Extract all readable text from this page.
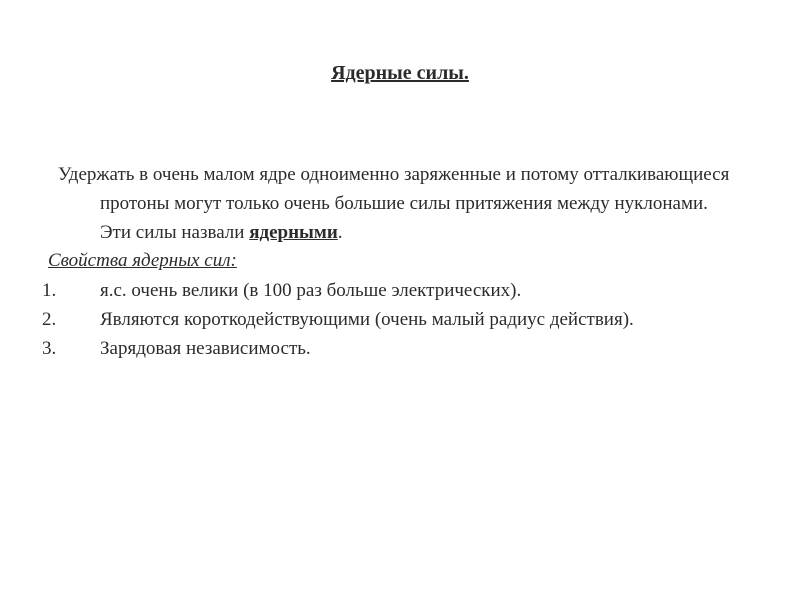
Ядерные силы.

Удержать в очень малом ядре одноименно заряженные и потому отталкивающиеся протоны могут только очень большие силы притяжения между нуклонами. Эти силы назвали ядерными.

Свойства ядерных сил:

1. я.с. очень велики (в 100 раз больше электрических).
2. Являются короткодействующими (очень малый радиус действия).
3. Зарядовая независимость.
